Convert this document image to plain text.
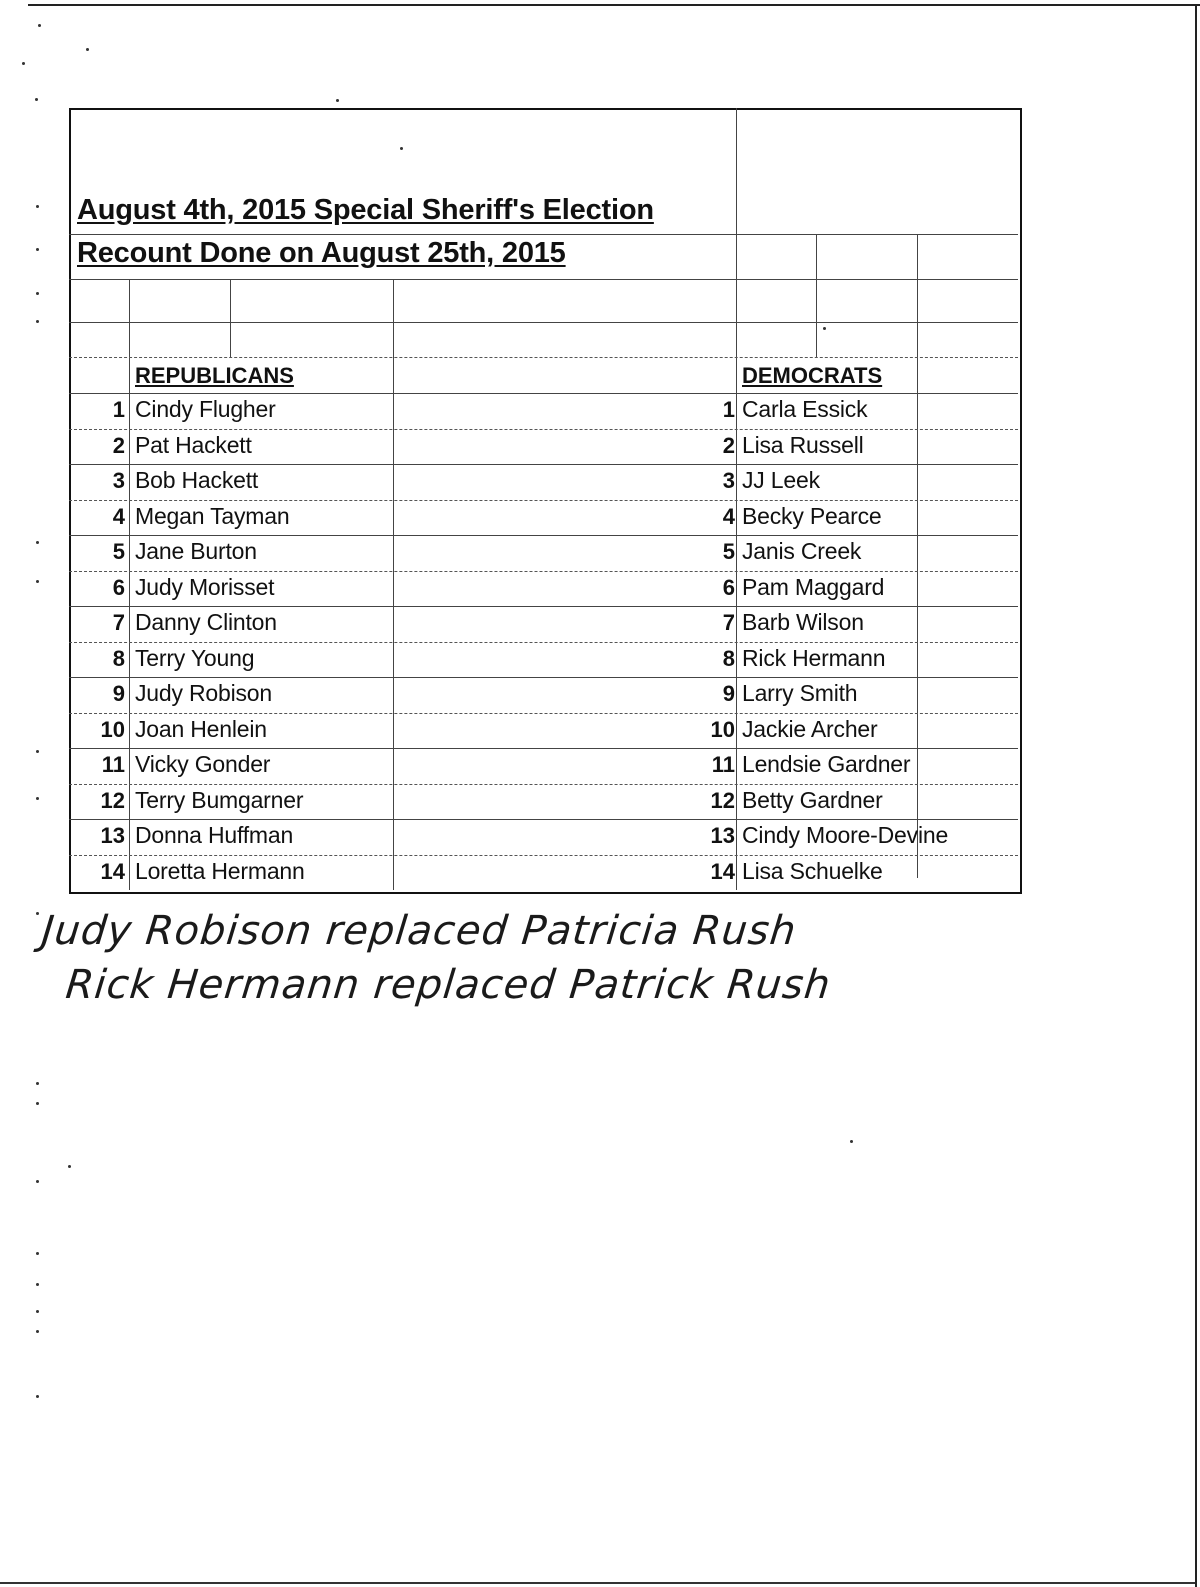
August 4th, 2015 Special Sheriff's Election
Recount Done on August 25th, 2015
REPUBLICANS	DEMOCRATS
1 Cindy Flugher	1 Carla Essick
2 Pat Hackett	2 Lisa Russell
3 Bob Hackett	3 JJ Leek
4 Megan Tayman	4 Becky Pearce
5 Jane Burton	5 Janis Creek
6 Judy Morisset	6 Pam Maggard
7 Danny Clinton	7 Barb Wilson
8 Terry Young	8 Rick Hermann
9 Judy Robison	9 Larry Smith
10 Joan Henlein	10 Jackie Archer
11 Vicky Gonder	11 Lendsie Gardner
12 Terry Bumgarner	12 Betty Gardner
13 Donna Huffman	13 Cindy Moore-Devine
14 Loretta Hermann	14 Lisa Schuelke
Judy Robison replaced Patricia Rush
Rick Hermann replaced Patrick Rush
